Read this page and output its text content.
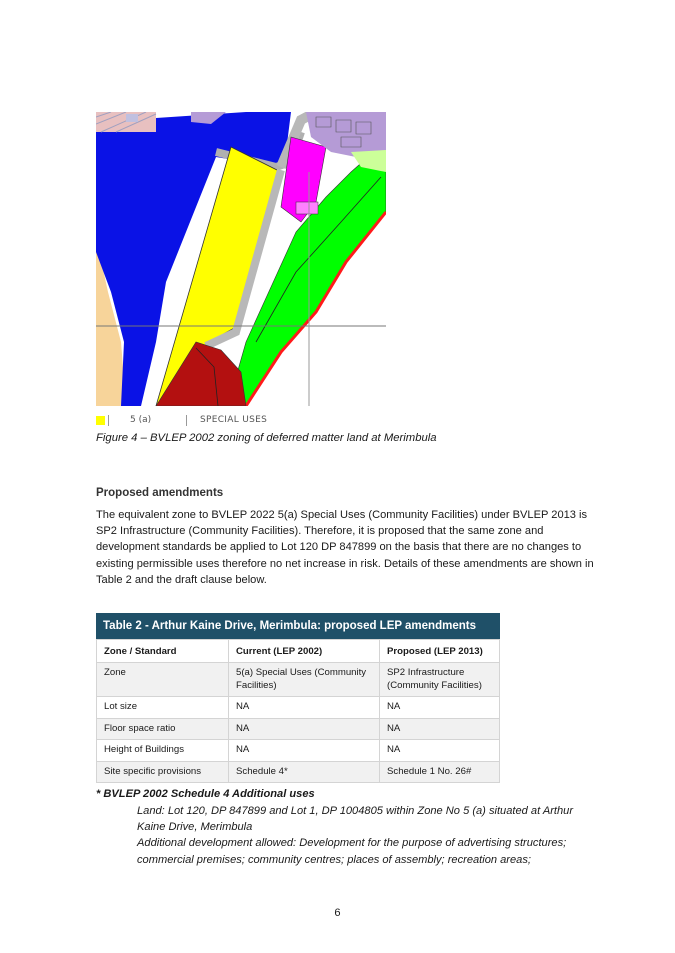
5 (a)	SPECIAL USES
Figure 4 – BVLEP 2002 zoning of deferred matter land at Merimbula
Proposed amendments
The equivalent zone to BVLEP 2022 5(a) Special Uses (Community Facilities) under BVLEP 2013 is SP2 Infrastructure (Community Facilities). Therefore, it is proposed that the same zone and development standards be applied to Lot 120 DP 847899 on the basis that there are no changes to existing permissible uses therefore no net increase in risk. Details of these amendments are shown in Table 2 and the draft clause below.
Table 2 - Arthur Kaine Drive, Merimbula: proposed LEP amendments
Zone / Standard	Current (LEP 2002)	Proposed (LEP 2013)
Zone	5(a) Special Uses (Community Facilities)	SP2 Infrastructure (Community Facilities)
Lot size	NA	NA
Floor space ratio	NA	NA
Height of Buildings	NA	NA
Site specific provisions	Schedule 4*	Schedule 1 No. 26#
* BVLEP 2002 Schedule 4 Additional uses
Land: Lot 120, DP 847899 and Lot 1, DP 1004805 within Zone No 5 (a) situated at Arthur Kaine Drive, Merimbula
Additional development allowed: Development for the purpose of advertising structures; commercial premises; community centres; places of assembly; recreation areas;
6
